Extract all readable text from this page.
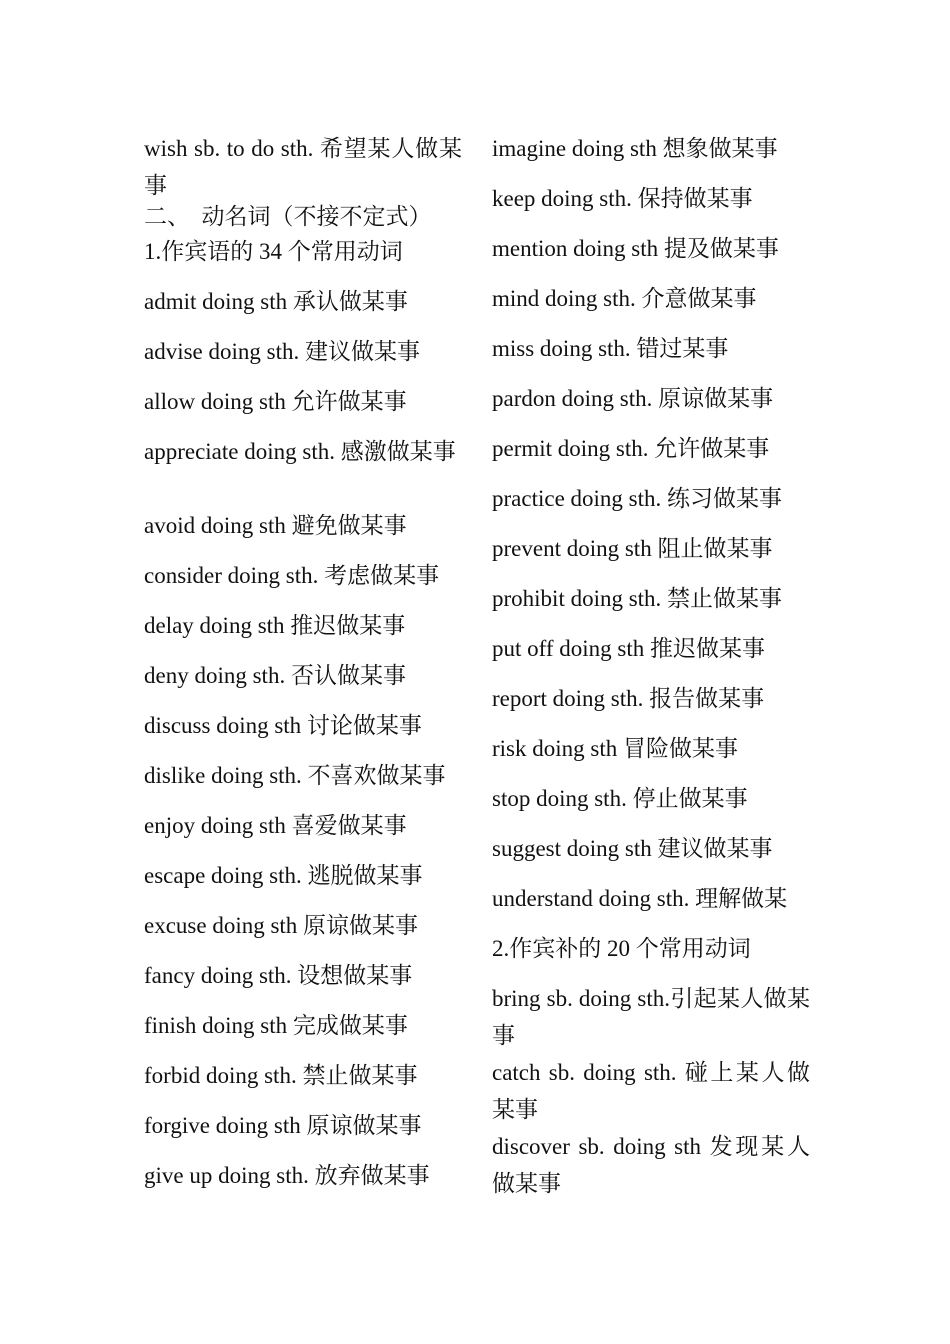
wish sb. to do sth. 希望某人做某事

二、　动名词（不接不定式）

1.作宾语的 34 个常用动词

admit doing sth 承认做某事

advise doing sth. 建议做某事

allow doing sth 允许做某事

appreciate doing sth. 感激做某事

avoid doing sth 避免做某事

consider doing sth. 考虑做某事

delay doing sth 推迟做某事

deny doing sth. 否认做某事

discuss doing sth 讨论做某事

dislike doing sth. 不喜欢做某事

enjoy doing sth 喜爱做某事

escape doing sth. 逃脱做某事

excuse doing sth 原谅做某事

fancy doing sth. 设想做某事

finish doing sth 完成做某事

forbid doing sth. 禁止做某事

forgive doing sth 原谅做某事

give up doing sth. 放弃做某事

imagine doing sth 想象做某事

keep doing sth. 保持做某事

mention doing sth 提及做某事

mind doing sth. 介意做某事

miss doing sth. 错过某事

pardon doing sth. 原谅做某事

permit doing sth. 允许做某事

practice doing sth. 练习做某事

prevent doing sth 阻止做某事

prohibit doing sth. 禁止做某事

put off doing sth 推迟做某事

report doing sth. 报告做某事

risk doing sth 冒险做某事

stop doing sth. 停止做某事

suggest doing sth 建议做某事

understand doing sth. 理解做某

2.作宾补的 20 个常用动词

bring sb. doing sth.引起某人做某事

catch sb. doing sth. 碰上某人做某事

discover sb. doing sth 发现某人做某事
